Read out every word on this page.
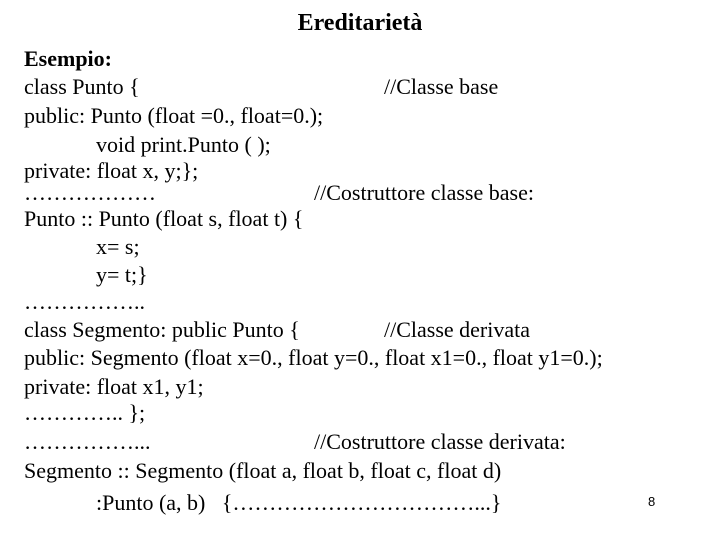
Ereditarietà
Esempio:
class Punto {	//Classe base
public: Punto (float =0., float=0.);
void print.Punto ( );
private: float x, y;};
………………	//Costruttore classe base:
Punto :: Punto (float s, float t) {
x= s;
y= t;}
……………..
class Segmento: public Punto {	//Classe derivata
public: Segmento (float x=0., float y=0., float x1=0., float y1=0.);
private: float x1, y1;
………….. };
……………...	//Costruttore classe derivata:
Segmento :: Segmento (float a, float b, float c, float d)
:Punto (a, b)   {……………………………...}	8
